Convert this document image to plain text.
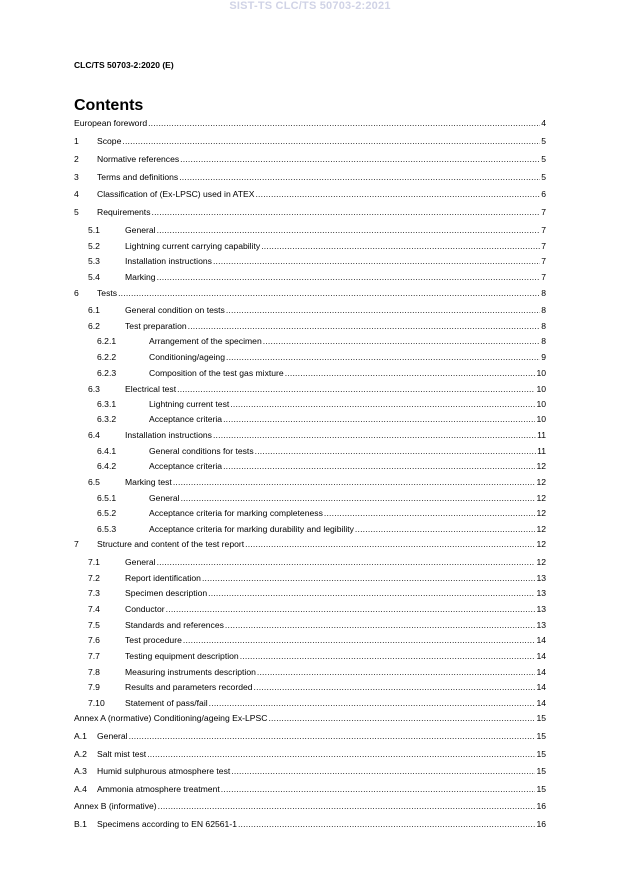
SIST-TS CLC/TS 50703-2:2021
CLC/TS 50703-2:2020 (E)
Contents
European foreword .....	4
1 Scope .....	5
2 Normative references .....	5
3 Terms and definitions .....	5
4 Classification of (Ex-LPSC) used in ATEX .....	6
5 Requirements .....	7
5.1	General .....	7
5.2	Lightning current carrying capability .....	7
5.3	Installation instructions .....	7
5.4	Marking .....	7
6 Tests .....	8
6.1	General condition on tests .....	8
6.2	Test preparation .....	8
6.2.1	Arrangement of the specimen .....	8
6.2.2	Conditioning/ageing .....	9
6.2.3	Composition of the test gas mixture .....	10
6.3	Electrical test .....	10
6.3.1	Lightning current test .....	10
6.3.2	Acceptance criteria .....	10
6.4	Installation instructions .....	11
6.4.1	General conditions for tests .....	11
6.4.2	Acceptance criteria .....	12
6.5	Marking test .....	12
6.5.1	General .....	12
6.5.2	Acceptance criteria for marking completeness .....	12
6.5.3	Acceptance criteria for marking durability and legibility .....	12
7 Structure and content of the test report .....	12
7.1	General .....	12
7.2	Report identification .....	13
7.3	Specimen description .....	13
7.4	Conductor .....	13
7.5	Standards and references .....	13
7.6	Test procedure .....	14
7.7	Testing equipment description .....	14
7.8	Measuring instruments description .....	14
7.9	Results and parameters recorded .....	14
7.10 Statement of pass/fail .....	14
Annex A (normative) Conditioning/ageing Ex-LPSC .....	15
A.1 General .....	15
A.2 Salt mist test .....	15
A.3 Humid sulphurous atmosphere test .....	15
A.4 Ammonia atmosphere treatment .....	15
Annex B (informative) .....	16
B.1 Specimens according to EN 62561-1 .....	16
